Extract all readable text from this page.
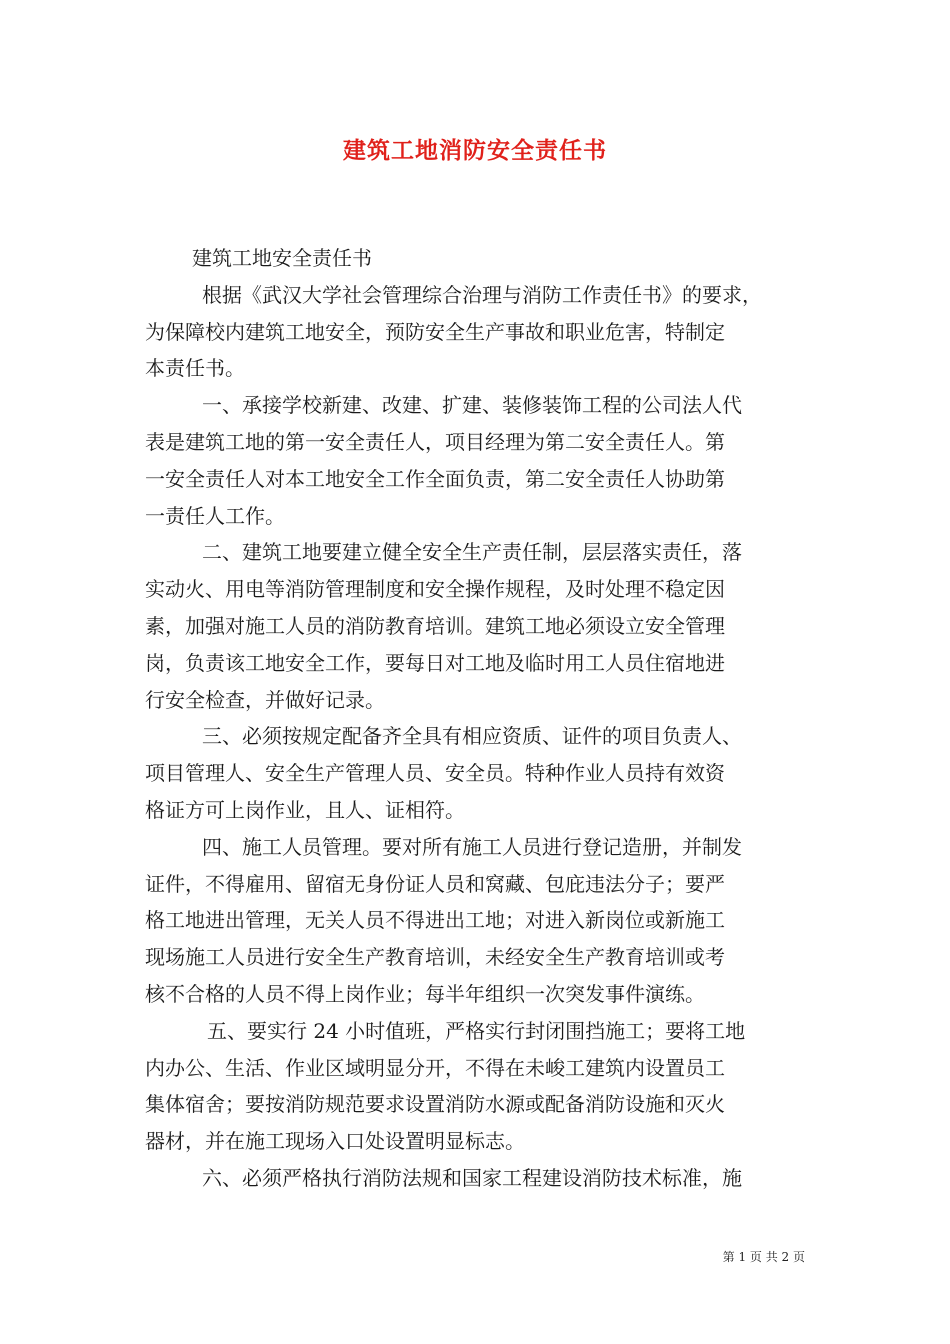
建筑工地消防安全责任书
建筑工地安全责任书
根据《武汉大学社会管理综合治理与消防工作责任书》的要求，
为保障校内建筑工地安全，预防安全生产事故和职业危害，特制定
本责任书。
一、承接学校新建、改建、扩建、装修装饰工程的公司法人代
表是建筑工地的第一安全责任人，项目经理为第二安全责任人。第
一安全责任人对本工地安全工作全面负责，第二安全责任人协助第
一责任人工作。
二、建筑工地要建立健全安全生产责任制，层层落实责任，落
实动火、用电等消防管理制度和安全操作规程，及时处理不稳定因
素，加强对施工人员的消防教育培训。建筑工地必须设立安全管理
岗，负责该工地安全工作，要每日对工地及临时用工人员住宿地进
行安全检查，并做好记录。
三、必须按规定配备齐全具有相应资质、证件的项目负责人、
项目管理人、安全生产管理人员、安全员。特种作业人员持有效资
格证方可上岗作业，且人、证相符。
四、施工人员管理。要对所有施工人员进行登记造册，并制发
证件，不得雇用、留宿无身份证人员和窝藏、包庇违法分子；要严
格工地进出管理，无关人员不得进出工地；对进入新岗位或新施工
现场施工人员进行安全生产教育培训，未经安全生产教育培训或考
核不合格的人员不得上岗作业；每半年组织一次突发事件演练。
五、要实行 24 小时值班，严格实行封闭围挡施工；要将工地
内办公、生活、作业区域明显分开，不得在未峻工建筑内设置员工
集体宿舍；要按消防规范要求设置消防水源或配备消防设施和灭火
器材，并在施工现场入口处设置明显标志。
六、必须严格执行消防法规和国家工程建设消防技术标准，施
第 1 页 共 2 页
